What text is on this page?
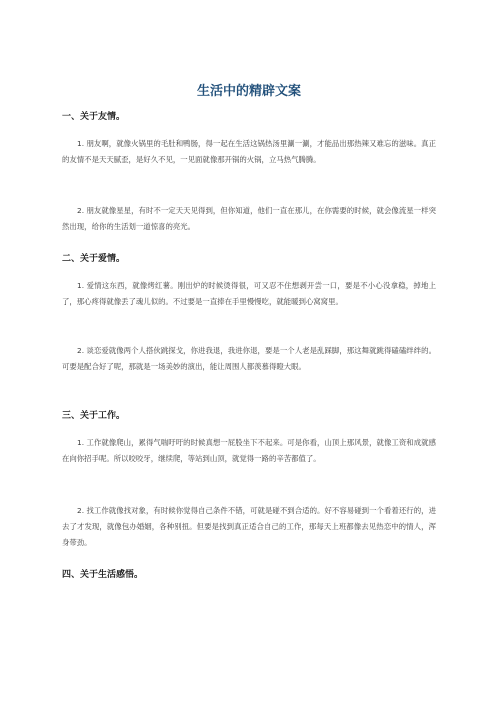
生活中的精辟文案
一、关于友情。

1. 朋友啊，就像火锅里的毛肚和鸭肠，得一起在生活这锅热汤里涮一涮，才能品出那热辣又难忘的滋味。真正的友情不是天天腻歪，是好久不见，一见面就像那开锅的火锅，立马热气腾腾。

2. 朋友就像星星，有时不一定天天见得到，但你知道，他们一直在那儿，在你需要的时候，就会像流星一样突然出现，给你的生活划一道惊喜的亮光。

二、关于爱情。

1. 爱情这东西，就像烤红薯。刚出炉的时候烫得很，可又忍不住想剥开尝一口，要是不小心没拿稳，掉地上了，那心疼得就像丢了魂儿似的。不过要是一直捧在手里慢慢吃，就能暖到心窝窝里。

2. 谈恋爱就像两个人搭伙跳探戈，你进我退，我进你退，要是一个人老是乱踩脚，那这舞就跳得磕磕绊绊的。可要是配合好了呢，那就是一场美妙的演出，能让周围人都羡慕得瞪大眼。

三、关于工作。

1. 工作就像爬山，累得气喘吁吁的时候真想一屁股坐下不起来。可是你看，山顶上那风景，就像工资和成就感在向你招手呢。所以咬咬牙，继续爬，等站到山顶，就觉得一路的辛苦都值了。

2. 找工作就像找对象，有时候你觉得自己条件不错，可就是碰不到合适的。好不容易碰到一个看着还行的，进去了才发现，就像包办婚姻，各种别扭。但要是找到真正适合自己的工作，那每天上班都像去见热恋中的情人，浑身带劲。

四、关于生活感悟。
